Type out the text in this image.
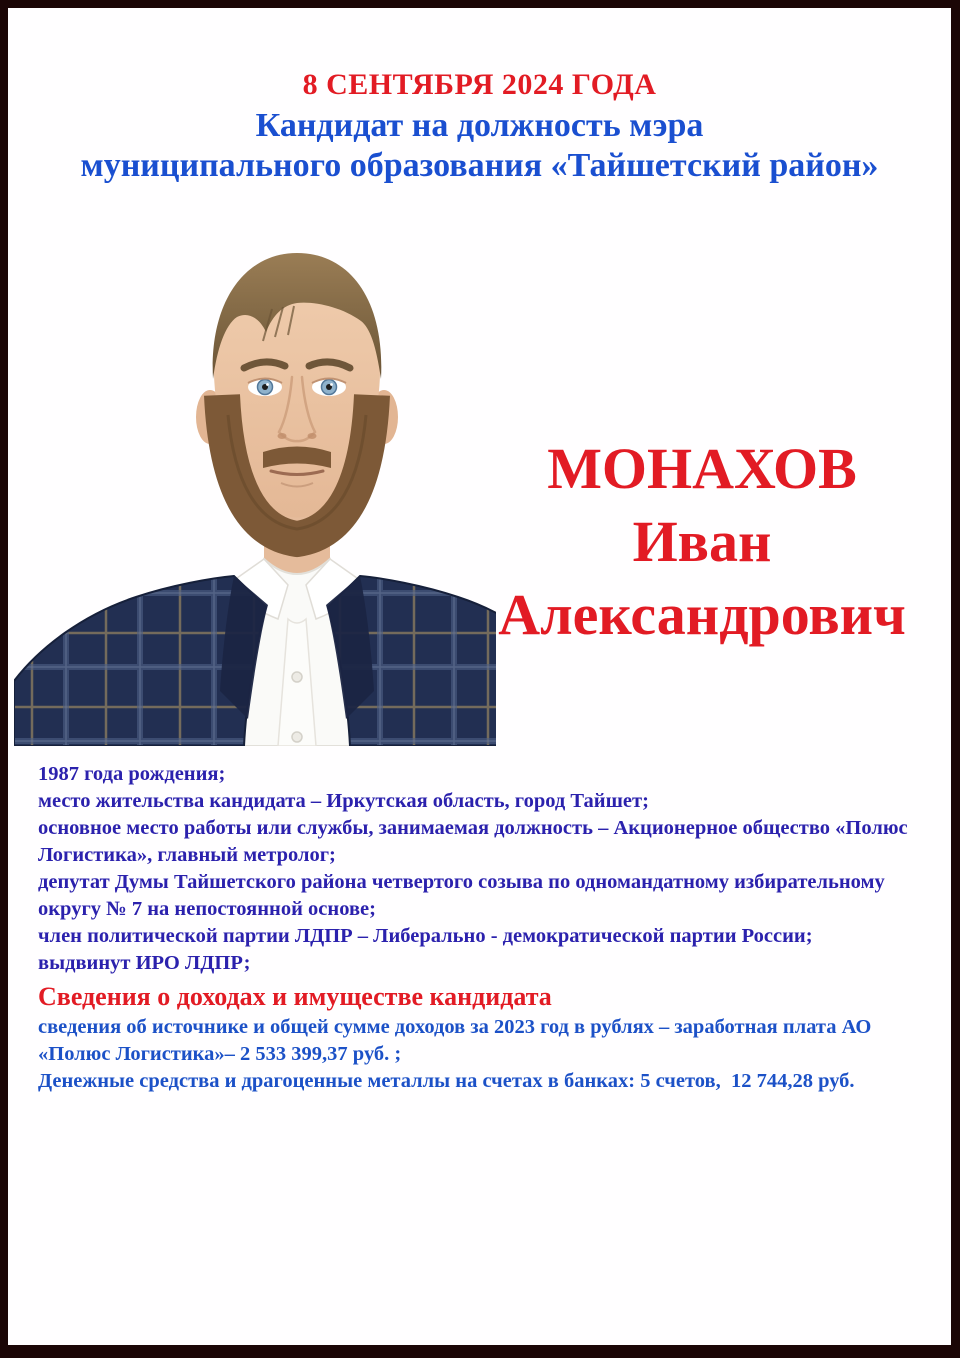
8 СЕНТЯБРЯ 2024 ГОДА
Кандидат на должность мэра
муниципального образования «Тайшетский район»
МОНАХОВ
Иван
Александрович

1987 года рождения;

место жительства кандидата – Иркутская область, город Тайшет;

основное место работы или службы, занимаемая должность – Акционерное общество «Полюс Логистика», главный метролог;

депутат Думы Тайшетского района четвертого созыва по одномандатному избирательному округу № 7 на непостоянной основе;

член политической партии ЛДПР – Либерально - демократической партии России;

выдвинут ИРО ЛДПР;

Сведения о доходах и имуществе кандидата

сведения об источнике и общей сумме доходов за 2023 год в рублях – заработная плата АО «Полюс Логистика»– 2 533 399,37 руб. ;

Денежные средства и драгоценные металлы на счетах в банках: 5 счетов,  12 744,28 руб.
